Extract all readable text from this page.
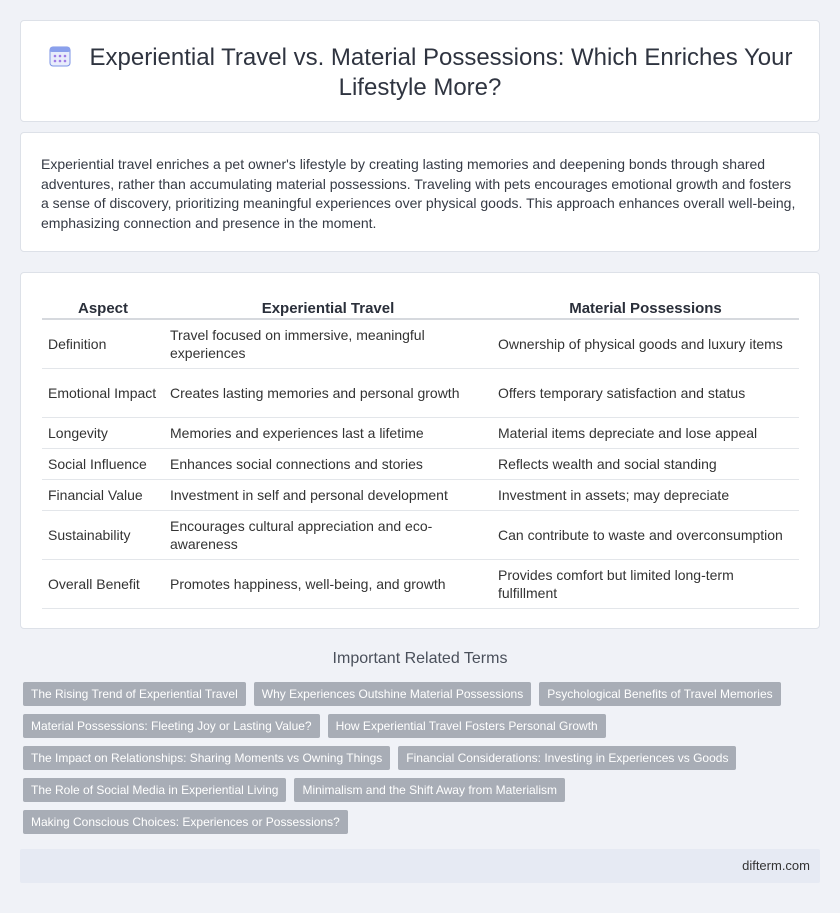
Experiential Travel vs. Material Possessions: Which Enriches Your Lifestyle More?

Experiential travel enriches a pet owner's lifestyle by creating lasting memories and deepening bonds through shared adventures, rather than accumulating material possessions. Traveling with pets encourages emotional growth and fosters a sense of discovery, prioritizing meaningful experiences over physical goods. This approach enhances overall well-being, emphasizing connection and presence in the moment.

Aspect	Experiential Travel	Material Possessions
Definition	Travel focused on immersive, meaningful experiences	Ownership of physical goods and luxury items
Emotional Impact	Creates lasting memories and personal growth	Offers temporary satisfaction and status
Longevity	Memories and experiences last a lifetime	Material items depreciate and lose appeal
Social Influence	Enhances social connections and stories	Reflects wealth and social standing
Financial Value	Investment in self and personal development	Investment in assets; may depreciate
Sustainability	Encourages cultural appreciation and eco-awareness	Can contribute to waste and overconsumption
Overall Benefit	Promotes happiness, well-being, and growth	Provides comfort but limited long-term fulfillment
Important Related Terms
The Rising Trend of Experiential Travel	Why Experiences Outshine Material Possessions	Psychological Benefits of Travel Memories
Material Possessions: Fleeting Joy or Lasting Value?	How Experiential Travel Fosters Personal Growth
The Impact on Relationships: Sharing Moments vs Owning Things	Financial Considerations: Investing in Experiences vs Goods
The Role of Social Media in Experiential Living	Minimalism and the Shift Away from Materialism
Making Conscious Choices: Experiences or Possessions?
difterm.com
